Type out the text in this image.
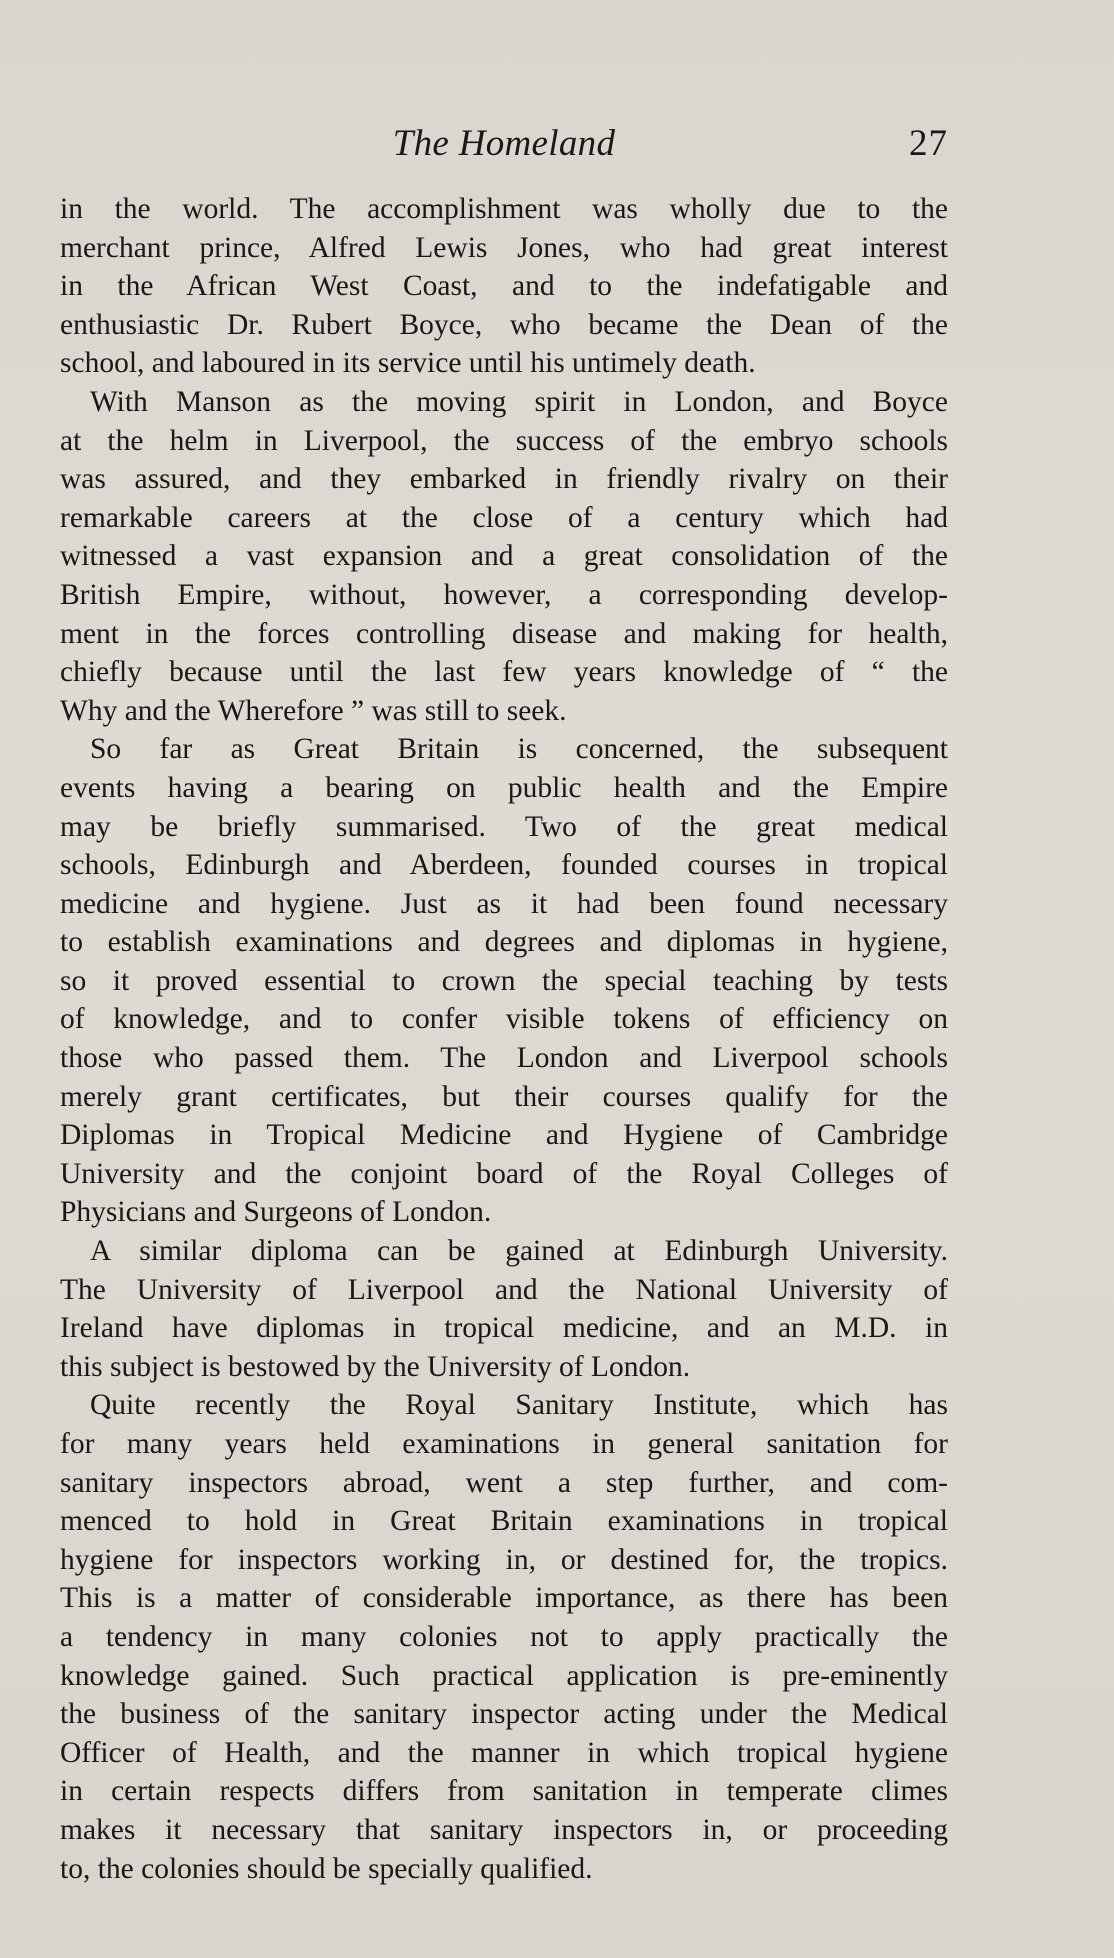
The Homeland	27

in the world. The accomplishment was wholly due to the
merchant prince, Alfred Lewis Jones, who had great interest
in the African West Coast, and to the indefatigable and
enthusiastic Dr. Rubert Boyce, who became the Dean of the
school, and laboured in its service until his untimely death.

With Manson as the moving spirit in London, and Boyce
at the helm in Liverpool, the success of the embryo schools
was assured, and they embarked in friendly rivalry on their
remarkable careers at the close of a century which had
witnessed a vast expansion and a great consolidation of the
British Empire, without, however, a corresponding develop-
ment in the forces controlling disease and making for health,
chiefly because until the last few years knowledge of “ the
Why and the Wherefore ” was still to seek.

So far as Great Britain is concerned, the subsequent
events having a bearing on public health and the Empire
may be briefly summarised. Two of the great medical
schools, Edinburgh and Aberdeen, founded courses in tropical
medicine and hygiene. Just as it had been found necessary
to establish examinations and degrees and diplomas in hygiene,
so it proved essential to crown the special teaching by tests
of knowledge, and to confer visible tokens of efficiency on
those who passed them. The London and Liverpool schools
merely grant certificates, but their courses qualify for the
Diplomas in Tropical Medicine and Hygiene of Cambridge
University and the conjoint board of the Royal Colleges of
Physicians and Surgeons of London.

A similar diploma can be gained at Edinburgh University.
The University of Liverpool and the National University of
Ireland have diplomas in tropical medicine, and an M.D. in
this subject is bestowed by the University of London.

Quite recently the Royal Sanitary Institute, which has
for many years held examinations in general sanitation for
sanitary inspectors abroad, went a step further, and com-
menced to hold in Great Britain examinations in tropical
hygiene for inspectors working in, or destined for, the tropics.
This is a matter of considerable importance, as there has been
a tendency in many colonies not to apply practically the
knowledge gained. Such practical application is pre-eminently
the business of the sanitary inspector acting under the Medical
Officer of Health, and the manner in which tropical hygiene
in certain respects differs from sanitation in temperate climes
makes it necessary that sanitary inspectors in, or proceeding
to, the colonies should be specially qualified.
